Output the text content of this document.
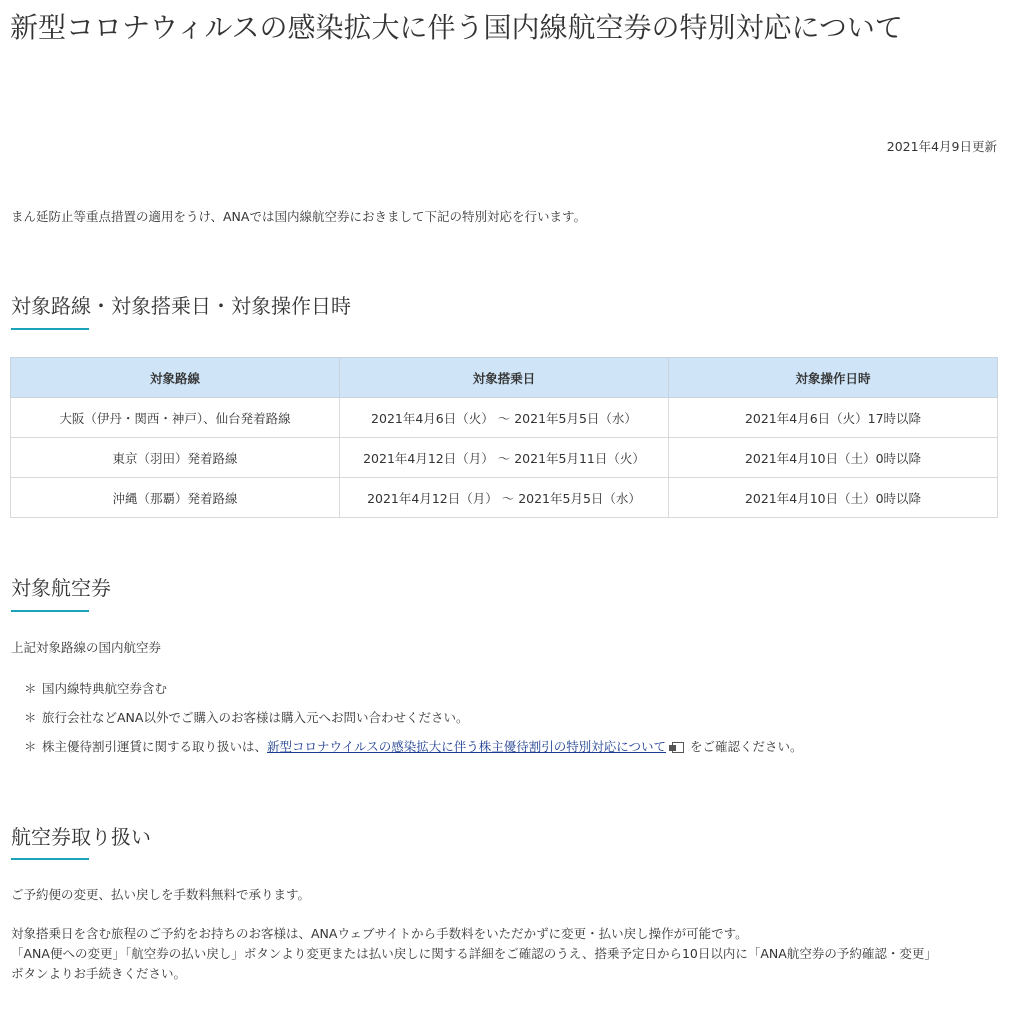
新型コロナウィルスの感染拡大に伴う国内線航空券の特別対応について
2021年4月9日更新
まん延防止等重点措置の適用をうけ、ANAでは国内線航空券におきまして下記の特別対応を行います。
対象路線・対象搭乗日・対象操作日時
対象路線	対象搭乗日	対象操作日時
大阪（伊丹・関西・神戸）、仙台発着路線	2021年4月6日（火） ～ 2021年5月5日（水）	2021年4月6日（火）17時以降
東京（羽田）発着路線	2021年4月12日（月） ～ 2021年5月11日（火）	2021年4月10日（土）0時以降
沖縄（那覇）発着路線	2021年4月12日（月） ～ 2021年5月5日（水）	2021年4月10日（土）0時以降
対象航空券
上記対象路線の国内航空券
＊ 国内線特典航空券含む
＊ 旅行会社などANA以外でご購入のお客様は購入元へお問い合わせください。
＊ 株主優待割引運賃に関する取り扱いは、新型コロナウイルスの感染拡大に伴う株主優待割引の特別対応について をご確認ください。
航空券取り扱い
ご予約便の変更、払い戻しを手数料無料で承ります。
対象搭乗日を含む旅程のご予約をお持ちのお客様は、ANAウェブサイトから手数料をいただかずに変更・払い戻し操作が可能です。
「ANA便への変更」「航空券の払い戻し」ボタンより変更または払い戻しに関する詳細をご確認のうえ、搭乗予定日から10日以内に「ANA航空券の予約確認・変更」
ボタンよりお手続きください。
